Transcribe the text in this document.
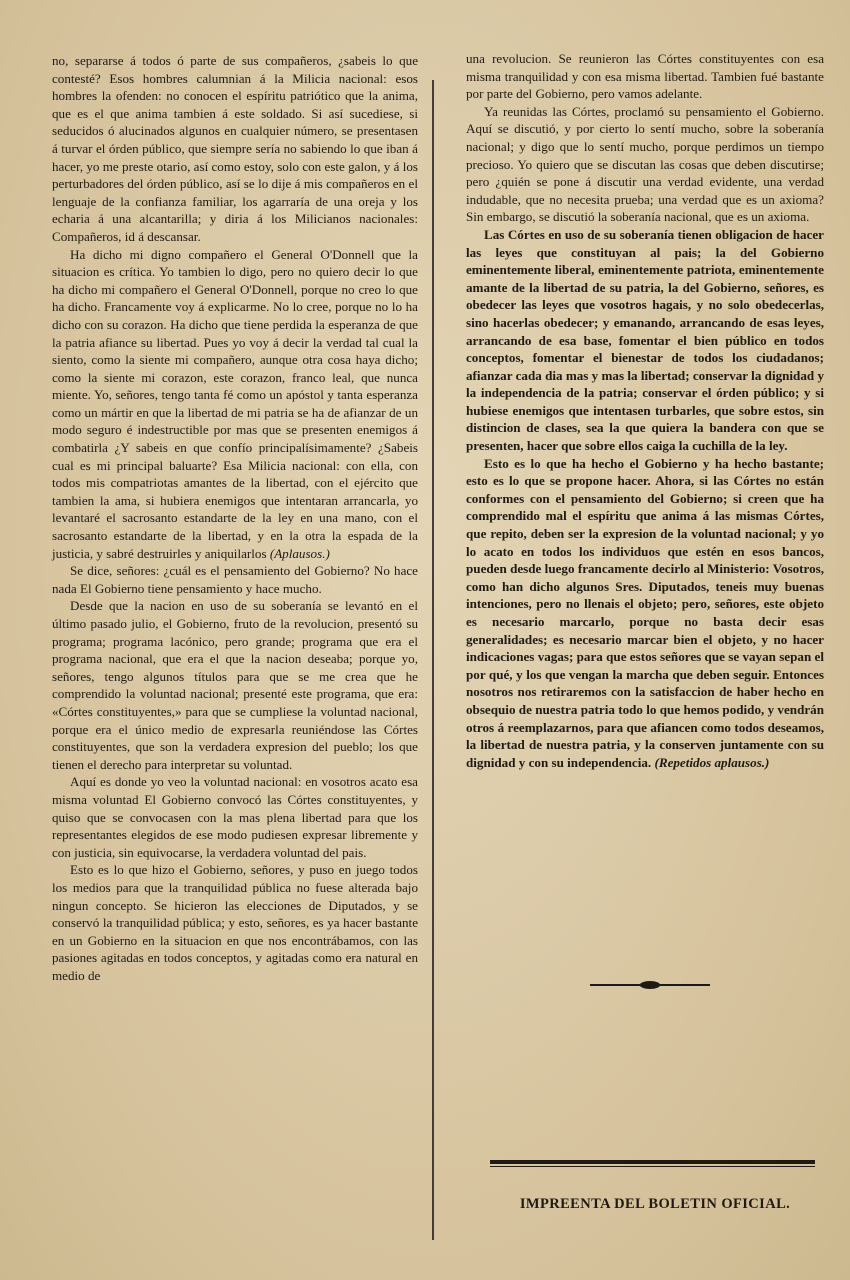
no, separarse á todos ó parte de sus compañeros, ¿sabeis lo que contesté? Esos hombres calumnian á la Milicia nacional: esos hombres la ofenden: no conocen el espíritu patriótico que la anima, que es el que anima tambien á este soldado. Si así sucediese, si seducidos ó alucinados algunos en cualquier número, se presentasen á turvar el órden público, que siempre sería no sabiendo lo que iban á hacer, yo me preste otario, así como estoy, solo con este galon, y á los perturbadores del órden público, así se lo dije á mis compañeros en el lenguaje de la confianza familiar, los agarraría de una oreja y los echaria á una alcantarilla; y diria á los Milicianos nacionales: Compañeros, id á descansar.

Ha dicho mi digno compañero el General O'Donnell que la situacion es crítica. Yo tambien lo digo, pero no quiero decir lo que ha dicho mi compañero el General O'Donnell, porque no creo lo que ha dicho. Francamente voy á explicarme. No lo cree, porque no lo ha dicho con su corazon. Ha dicho que tiene perdida la esperanza de que la patria afiance su libertad. Pues yo voy á decir la verdad tal cual la siento, como la siente mi compañero, aunque otra cosa haya dicho; como la siente mi corazon, este corazon, franco leal, que nunca miente. Yo, señores, tengo tanta fé como un apóstol y tanta esperanza como un mártir en que la libertad de mi patria se ha de afianzar de un modo seguro é indestructible por mas que se presenten enemigos á combatirla ¿Y sabeis en que confío principalísimamente? ¿Sabeis cual es mi principal baluarte? Esa Milicia nacional: con ella, con todos mis compatriotas amantes de la libertad, con el ejército que tambien la ama, si hubiera enemigos que intentaran arrancarla, yo levantaré el sacrosanto estandarte de la ley en una mano, con el sacrosanto estandarte de la libertad, y en la otra la espada de la justicia, y sabré destruirles y aniquilarlos (Aplausos.)

Se dice, señores: ¿cuál es el pensamiento del Gobierno? No hace nada El Gobierno tiene pensamiento y hace mucho.

Desde que la nacion en uso de su soberanía se levantó en el último pasado julio, el Gobierno, fruto de la revolucion, presentó su programa; programa lacónico, pero grande; programa que era el programa nacional, que era el que la nacion deseaba; porque yo, señores, tengo algunos títulos para que se me crea que he comprendido la voluntad nacional; presenté este programa, que era: «Córtes constituyentes,» para que se cumpliese la voluntad nacional, porque era el único medio de expresarla reuniéndose las Córtes constituyentes, que son la verdadera expresion del pueblo; los que tienen el derecho para interpretar su voluntad.

Aquí es donde yo veo la voluntad nacional: en vosotros acato esa misma voluntad El Gobierno convocó las Córtes constituyentes, y quiso que se convocasen con la mas plena libertad para que los representantes elegidos de ese modo pudiesen expresar libremente y con justicia, sin equivocarse, la verdadera voluntad del pais.

Esto es lo que hizo el Gobierno, señores, y puso en juego todos los medios para que la tranquilidad pública no fuese alterada bajo ningun concepto. Se hicieron las elecciones de Diputados, y se conservó la tranquilidad pública; y esto, señores, es ya hacer bastante en un Gobierno en la situacion en que nos encontrábamos, con las pasiones agitadas en todos conceptos, y agitadas como era natural en medio de

una revolucion. Se reunieron las Córtes constituyentes con esa misma tranquilidad y con esa misma libertad. Tambien fué bastante por parte del Gobierno, pero vamos adelante.

Ya reunidas las Córtes, proclamó su pensamiento el Gobierno. Aquí se discutió, y por cierto lo sentí mucho, sobre la soberanía nacional; y digo que lo sentí mucho, porque perdimos un tiempo precioso. Yo quiero que se discutan las cosas que deben discutirse; pero ¿quién se pone á discutir una verdad evidente, una verdad indudable, que no necesita prueba; una verdad que es un axioma? Sin embargo, se discutió la soberanía nacional, que es un axioma.

Las Córtes en uso de su soberanía tienen obligacion de hacer las leyes que constituyan al pais; la del Gobierno eminentemente liberal, eminentemente patriota, eminentemente amante de la libertad de su patria, la del Gobierno, señores, es obedecer las leyes que vosotros hagais, y no solo obedecerlas, sino hacerlas obedecer; y emanando, arrancando de esas leyes, arrancando de esa base, fomentar el bien público en todos conceptos, fomentar el bienestar de todos los ciudadanos; afianzar cada dia mas y mas la libertad; conservar la dignidad y la independencia de la patria; conservar el órden público; y si hubiese enemigos que intentasen turbarles, que sobre estos, sin distincion de clases, sea la que quiera la bandera con que se presenten, hacer que sobre ellos caiga la cuchilla de la ley.

Esto es lo que ha hecho el Gobierno y ha hecho bastante; esto es lo que se propone hacer. Ahora, si las Córtes no están conformes con el pensamiento del Gobierno; si creen que ha comprendido mal el espíritu que anima á las mismas Córtes, que repito, deben ser la expresion de la voluntad nacional; y yo lo acato en todos los individuos que estén en esos bancos, pueden desde luego francamente decirlo al Ministerio: Vosotros, como han dicho algunos Sres. Diputados, teneis muy buenas intenciones, pero no llenais el objeto; pero, señores, este objeto es necesario marcarlo, porque no basta decir esas generalidades; es necesario marcar bien el objeto, y no hacer indicaciones vagas; para que estos señores que se vayan sepan el por qué, y los que vengan la marcha que deben seguir. Entonces nosotros nos retiraremos con la satisfaccion de haber hecho en obsequio de nuestra patria todo lo que hemos podido, y vendrán otros á reemplazarnos, para que afiancen como todos deseamos, la libertad de nuestra patria, y la conserven juntamente con su dignidad y con su independencia. (Repetidos aplausos.)

IMPREENTA DEL BOLETIN OFICIAL.
